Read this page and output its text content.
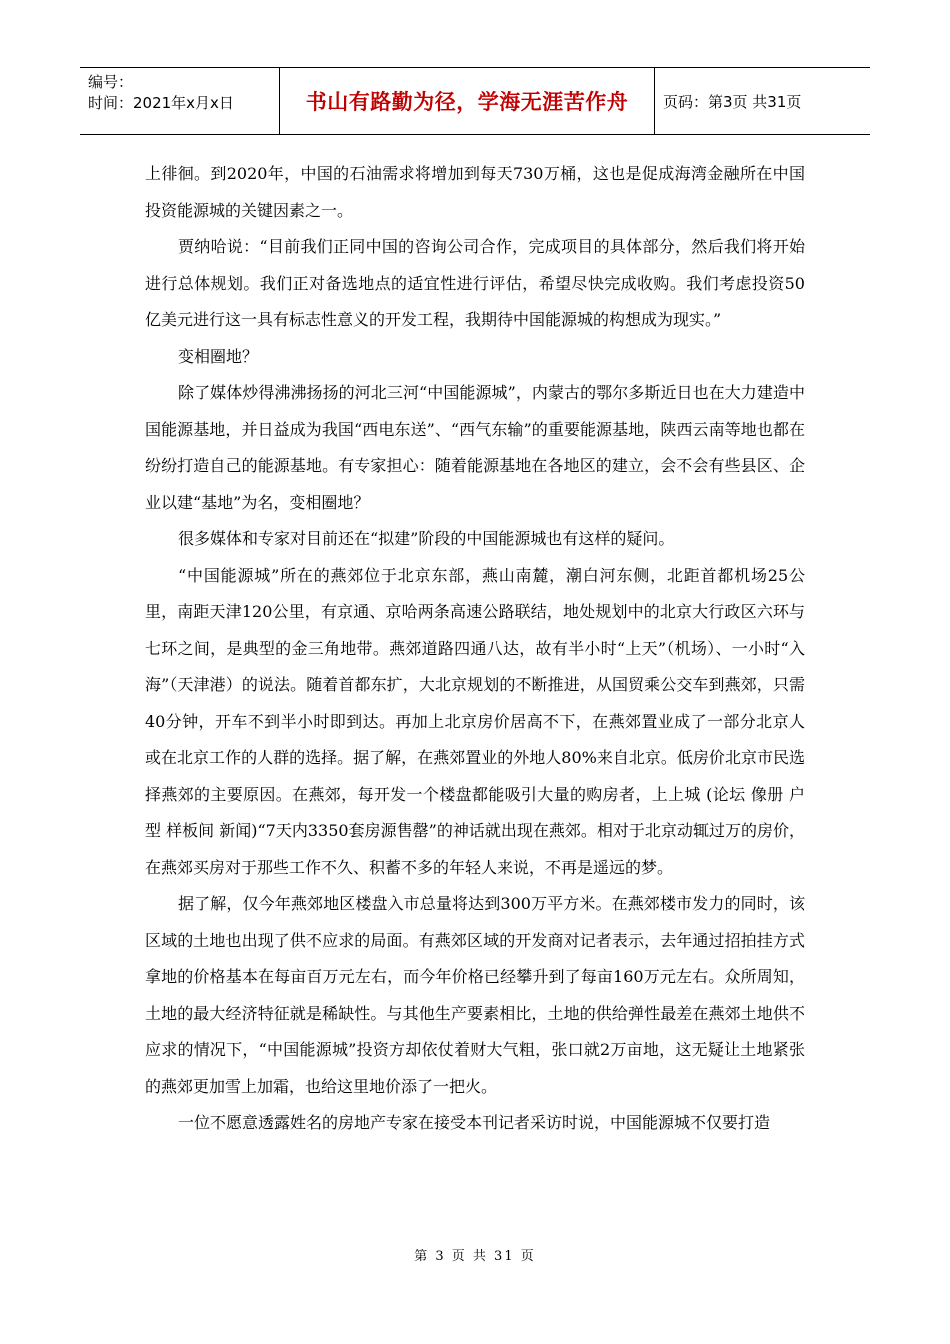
编号：
时间：2021年x月x日	书山有路勤为径，学海无涯苦作舟 页码：第3页 共31页

上徘徊。到2020年，中国的石油需求将增加到每天730万桶，这也是促成海湾金融所在中国投资能源城的关键因素之一。

贾纳哈说：“目前我们正同中国的咨询公司合作，完成项目的具体部分，然后我们将开始进行总体规划。我们正对备选地点的适宜性进行评估，希望尽快完成收购。我们考虑投资50亿美元进行这一具有标志性意义的开发工程，我期待中国能源城的构想成为现实。”

变相圈地？

除了媒体炒得沸沸扬扬的河北三河“中国能源城”，内蒙古的鄂尔多斯近日也在大力建造中国能源基地，并日益成为我国“西电东送”、“西气东输”的重要能源基地，陕西云南等地也都在纷纷打造自己的能源基地。有专家担心：随着能源基地在各地区的建立，会不会有些县区、企业以建“基地”为名，变相圈地？

很多媒体和专家对目前还在“拟建”阶段的中国能源城也有这样的疑问。

“中国能源城”所在的燕郊位于北京东部，燕山南麓，潮白河东侧，北距首都机场25公里，南距天津120公里，有京通、京哈两条高速公路联结，地处规划中的北京大行政区六环与七环之间，是典型的金三角地带。燕郊道路四通八达，故有半小时“上天”（机场）、一小时“入海”（天津港）的说法。随着首都东扩，大北京规划的不断推进，从国贸乘公交车到燕郊，只需40分钟，开车不到半小时即到达。再加上北京房价居高不下，在燕郊置业成了一部分北京人或在北京工作的人群的选择。据了解，在燕郊置业的外地人80%来自北京。低房价北京市民选择燕郊的主要原因。在燕郊，每开发一个楼盘都能吸引大量的购房者，上上城 (论坛 像册 户型 样板间 新闻)“7天内3350套房源售罄”的神话就出现在燕郊。相对于北京动辄过万的房价，在燕郊买房对于那些工作不久、积蓄不多的年轻人来说，不再是遥远的梦。

据了解，仅今年燕郊地区楼盘入市总量将达到300万平方米。在燕郊楼市发力的同时，该区域的土地也出现了供不应求的局面。有燕郊区域的开发商对记者表示，去年通过招拍挂方式拿地的价格基本在每亩百万元左右，而今年价格已经攀升到了每亩160万元左右。众所周知，土地的最大经济特征就是稀缺性。与其他生产要素相比，土地的供给弹性最差在燕郊土地供不应求的情况下，“中国能源城”投资方却依仗着财大气粗，张口就2万亩地，这无疑让土地紧张的燕郊更加雪上加霜，也给这里地价添了一把火。

一位不愿意透露姓名的房地产专家在接受本刊记者采访时说，中国能源城不仅要打造

第 3 页 共 31 页
